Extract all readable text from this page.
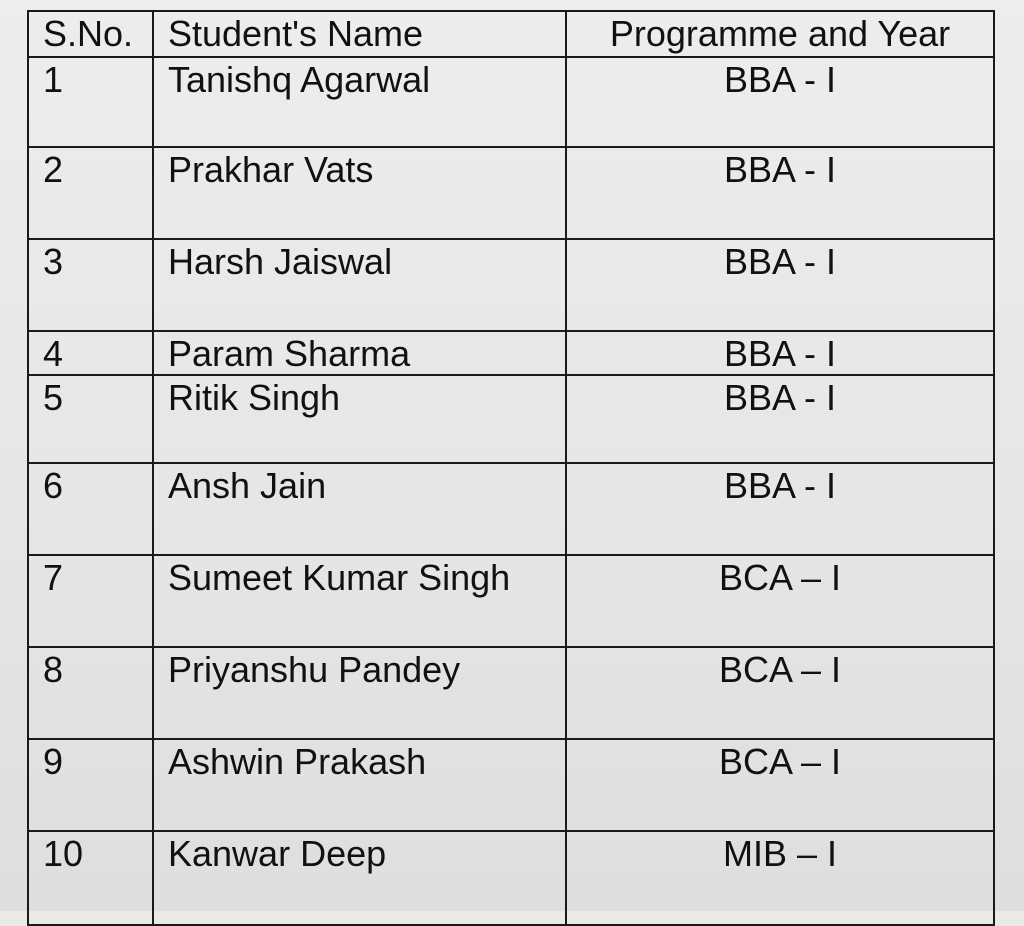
S.No.	Student's Name	Programme and Year
1	Tanishq Agarwal	BBA - I
2	Prakhar Vats	BBA - I
3	Harsh Jaiswal	BBA - I
4	Param Sharma	BBA - I
5	Ritik Singh	BBA - I
6	Ansh Jain	BBA - I
7	Sumeet Kumar Singh	BCA – I
8	Priyanshu Pandey	BCA – I
9	Ashwin Prakash	BCA – I
10	Kanwar Deep	MIB – I
